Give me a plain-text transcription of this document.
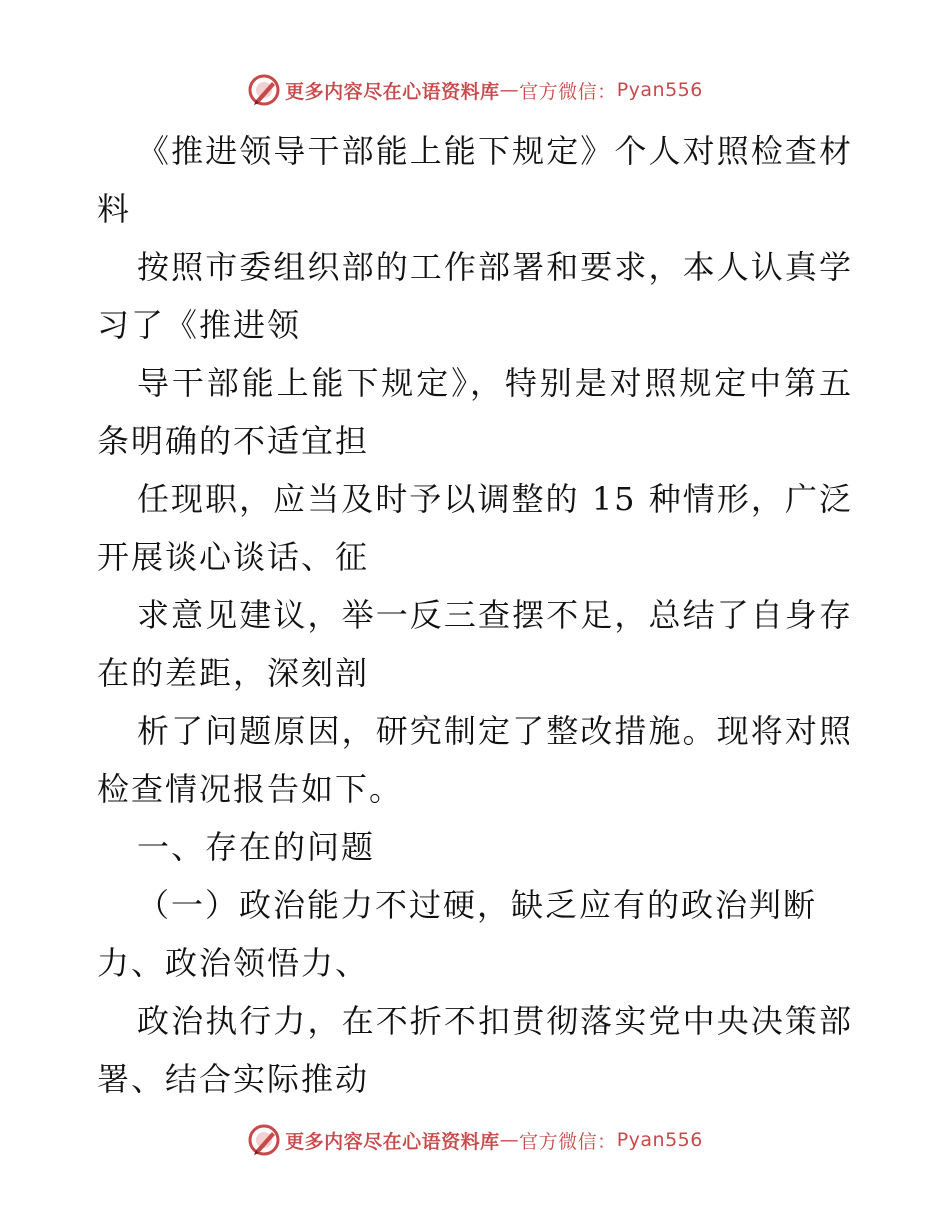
更多内容尽在心语资料库 — 官方微信： Pyan556
《推进领导干部能上能下规定》个人对照检查材
料
按照市委组织部的工作部署和要求，本人认真学
习了《推进领
导干部能上能下规定》，特别是对照规定中第五
条明确的不适宜担
任现职，应当及时予以调整的 15 种情形，广泛
开展谈心谈话、征
求意见建议，举一反三查摆不足，总结了自身存
在的差距，深刻剖
析了问题原因，研究制定了整改措施。现将对照
检查情况报告如下。
一、存在的问题
（一）政治能力不过硬，缺乏应有的政治判断
力、政治领悟力、
政治执行力，在不折不扣贯彻落实党中央决策部
署、结合实际推动
更多内容尽在心语资料库 — 官方微信： Pyan556
